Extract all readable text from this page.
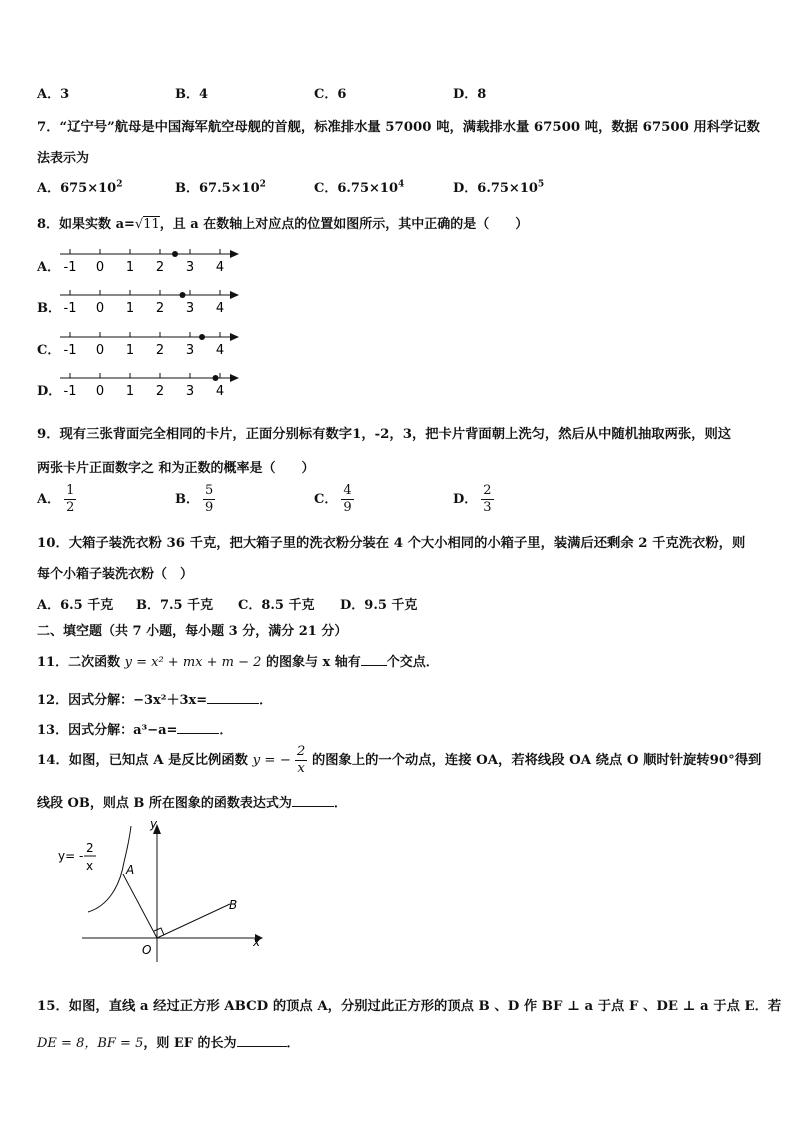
A．3	B．4	C．6	D．8
7．“辽宁号”航母是中国海军航空母舰的首舰，标准排水量 57000 吨，满载排水量 67500 吨，数据 67500 用科学记数
法表示为
A．$675\times 10^2$	B．$67.5\times 10^2$	C．$6.75\times 10^4$	D．$6.75\times 10^5$
8．如果实数 a=√11，且 a 在数轴上对应点的位置如图所示，其中正确的是（　　）
A． -1 0 1 2 3 4
B． -1 0 1 2 3 4
C． -1 0 1 2 3 4
D． -1 0 1 2 3 4
9．现有三张背面完全相同的卡片，正面分别标有数字1，-2，3，把卡片背面朝上洗匀，然后从中随机抽取两张，则这
两张卡片正面数字之 和为正数的概率是（　　）
A． $\frac{1}{2}$	B． $\frac{5}{9}$	C． $\frac{4}{9}$	D． $\frac{2}{3}$
10．大箱子装洗衣粉 36 千克，把大箱子里的洗衣粉分装在 4 个大小相同的小箱子里，装满后还剩余 2 千克洗衣粉，则
每个小箱子装洗衣粉（　）
A．6.5 千克 B．7.5 千克 C．8.5 千克 D．9.5 千克
二、填空题（共 7 小题，每小题 3 分，满分 21 分）
11．二次函数 y = x² + mx + m − 2 的图象与 x 轴有 个交点．
12．因式分解：−3x²＋3x=	．
13．因式分解：a³−a=	．
14．如图，已知点 A 是反比例函数 y = − $\frac{2}{x}$ 的图象上的一个动点，连接 OA，若将线段 OA 绕点 O 顺时针旋转90°得到
线段 OB，则点 B 所在图象的函数表达式为	．
y
x
O
A
B
y= -
2
x
15．如图，直线 a 经过正方形 ABCD 的顶点 A，分别过此正方形的顶点 B 、D 作 BF ⊥ a 于点 F 、DE ⊥ a 于点 E．若
DE = 8，BF = 5，则 EF 的长为	．
